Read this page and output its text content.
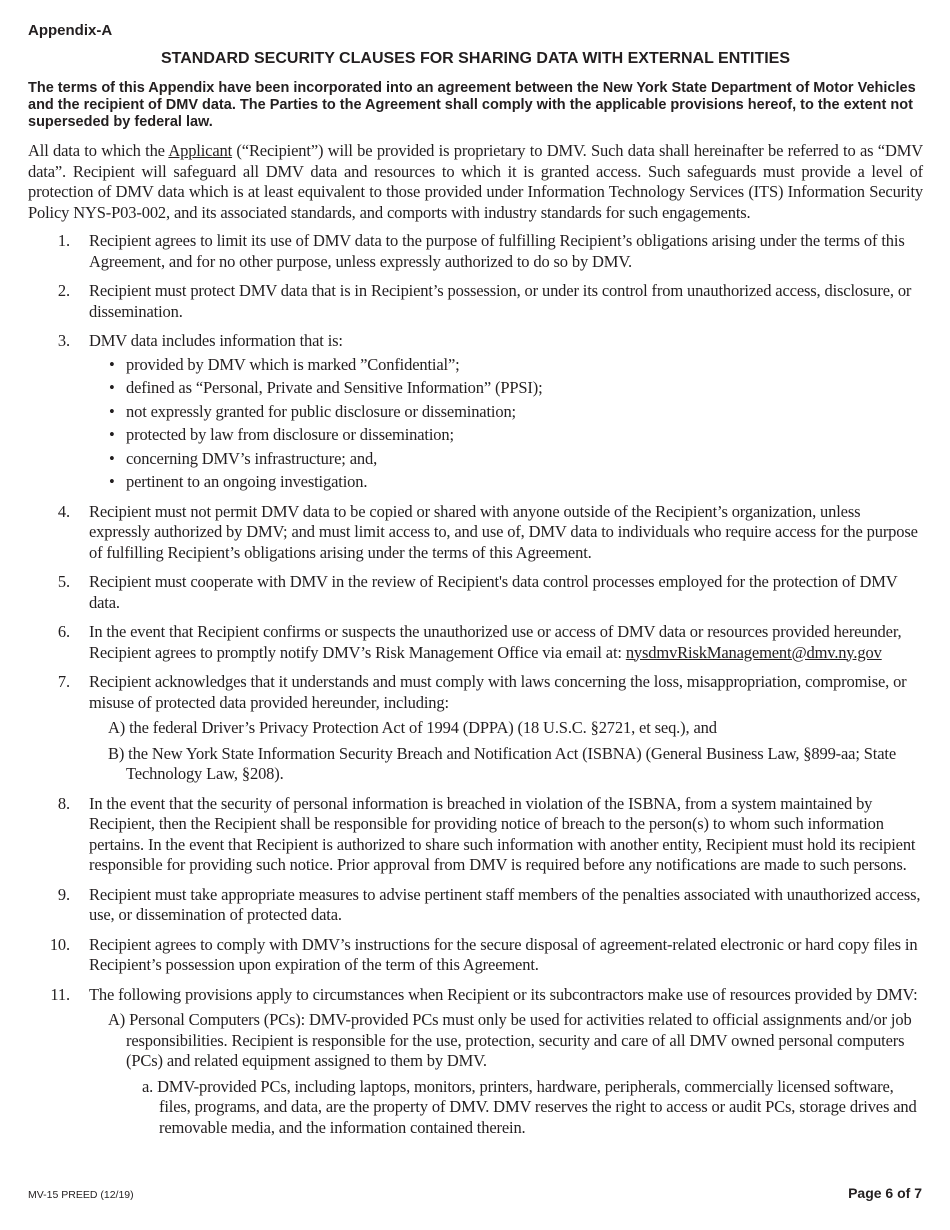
Appendix-A
STANDARD SECURITY CLAUSES FOR SHARING DATA WITH EXTERNAL ENTITIES
The terms of this Appendix have been incorporated into an agreement between the New York State Department of Motor Vehicles and the recipient of DMV data. The Parties to the Agreement shall comply with the applicable provisions hereof, to the extent not superseded by federal law.
All data to which the Applicant (“Recipient”) will be provided is proprietary to DMV. Such data shall hereinafter be referred to as “DMV data”. Recipient will safeguard all DMV data and resources to which it is granted access. Such safeguards must provide a level of protection of DMV data which is at least equivalent to those provided under Information Technology Services (ITS) Information Security Policy NYS-P03-002, and its associated standards, and comports with industry standards for such engagements.
1. Recipient agrees to limit its use of DMV data to the purpose of fulfilling Recipient’s obligations arising under the terms of this Agreement, and for no other purpose, unless expressly authorized to do so by DMV.
2. Recipient must protect DMV data that is in Recipient’s possession, or under its control from unauthorized access, disclosure, or dissemination.
3. DMV data includes information that is:
• provided by DMV which is marked ”Confidential”;
• defined as “Personal, Private and Sensitive Information” (PPSI);
• not expressly granted for public disclosure or dissemination;
• protected by law from disclosure or dissemination;
• concerning DMV’s infrastructure; and,
• pertinent to an ongoing investigation.
4. Recipient must not permit DMV data to be copied or shared with anyone outside of the Recipient’s organization, unless expressly authorized by DMV; and must limit access to, and use of, DMV data to individuals who require access for the purpose of fulfilling Recipient’s obligations arising under the terms of this Agreement.
5. Recipient must cooperate with DMV in the review of Recipient's data control processes employed for the protection of DMV data.
6. In the event that Recipient confirms or suspects the unauthorized use or access of DMV data or resources provided hereunder, Recipient agrees to promptly notify DMV’s Risk Management Office via email at: nysdmvRiskManagement@dmv.ny.gov
7. Recipient acknowledges that it understands and must comply with laws concerning the loss, misappropriation, compromise, or misuse of protected data provided hereunder, including:
A) the federal Driver’s Privacy Protection Act of 1994 (DPPA) (18 U.S.C. §2721, et seq.), and
B) the New York State Information Security Breach and Notification Act (ISBNA) (General Business Law, §899-aa; State Technology Law, §208).
8. In the event that the security of personal information is breached in violation of the ISBNA, from a system maintained by Recipient, then the Recipient shall be responsible for providing notice of breach to the person(s) to whom such information pertains. In the event that Recipient is authorized to share such information with another entity, Recipient must hold its recipient responsible for providing such notice. Prior approval from DMV is required before any notifications are made to such persons.
9. Recipient must take appropriate measures to advise pertinent staff members of the penalties associated with unauthorized access, use, or dissemination of protected data.
10. Recipient agrees to comply with DMV’s instructions for the secure disposal of agreement-related electronic or hard copy files in Recipient’s possession upon expiration of the term of this Agreement.
11. The following provisions apply to circumstances when Recipient or its subcontractors make use of resources provided by DMV:
A) Personal Computers (PCs): DMV-provided PCs must only be used for activities related to official assignments and/or job responsibilities. Recipient is responsible for the use, protection, security and care of all DMV owned personal computers (PCs) and related equipment assigned to them by DMV.
a. DMV-provided PCs, including laptops, monitors, printers, hardware, peripherals, commercially licensed software, files, programs, and data, are the property of DMV. DMV reserves the right to access or audit PCs, storage drives and removable media, and the information contained therein.
MV-15 PREED (12/19)	Page 6 of 7
